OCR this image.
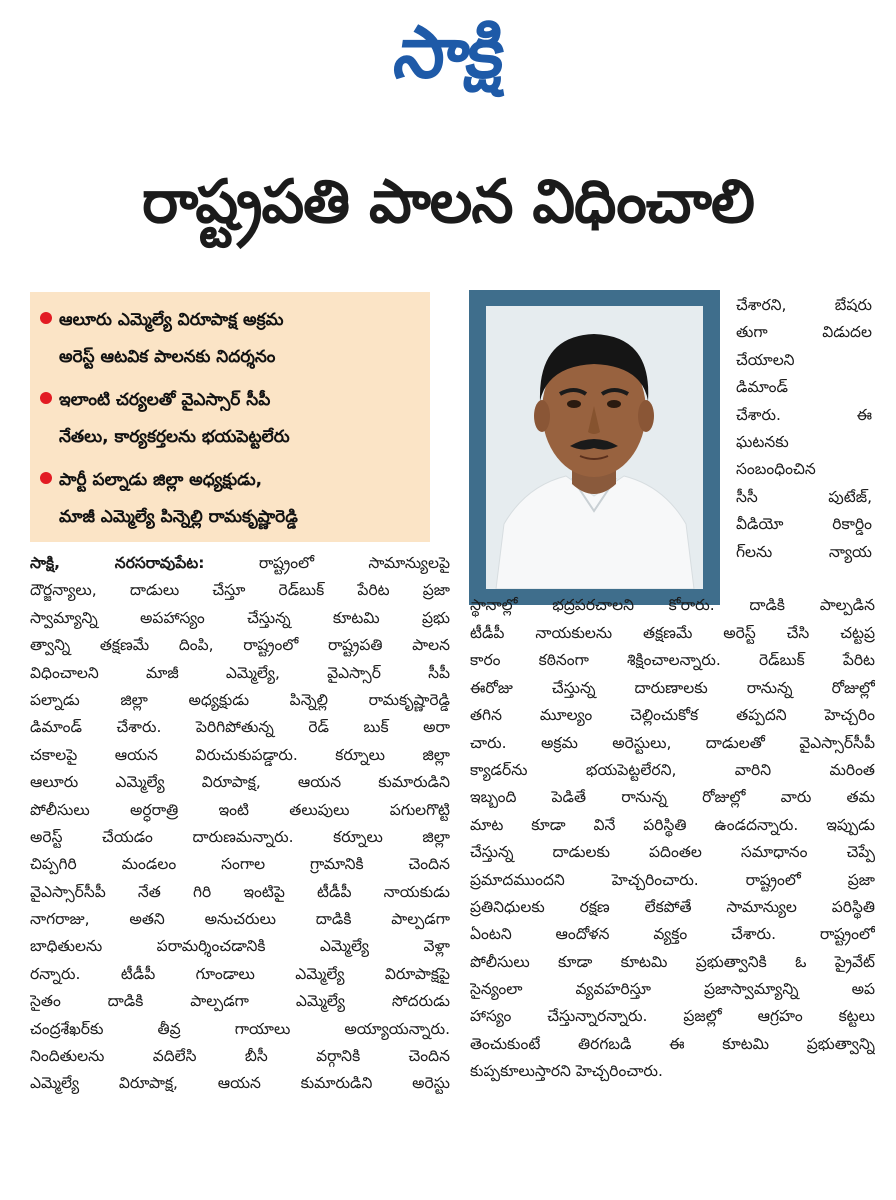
సాక్షి
రాష్ట్రపతి పాలన విధించాలి
ఆలూరు ఎమ్మెల్యే విరూపాక్ష అక్రమ
అరెస్ట్ ఆటవిక పాలనకు నిదర్శనం
ఇలాంటి చర్యలతో వైఎస్సార్ సీపీ
నేతలు, కార్యకర్తలను భయపెట్టలేరు
పార్టీ పల్నాడు జిల్లా అధ్యక్షుడు,
మాజీ ఎమ్మెల్యే పిన్నెల్లి రామకృష్ణారెడ్డి
చేశారని, బేషరు
తుగా విడుదల
చేయాలని
డిమాండ్
చేశారు. ఈ
ఘటనకు
సంబంధించిన
సీసీ పుటేజ్,
వీడియో రికార్డిం
గ్‌లను న్యాయ
స్థానాల్లో భద్రపరచాలని కోరారు. దాడికి పాల్పడిన
సాక్షి, నరసరావుపేట:	రాష్ట్రంలో సామాన్యులపై
దౌర్జన్యాలు, దాడులు చేస్తూ రెడ్‌బుక్ పేరిట ప్రజా
స్వామ్యాన్ని అపహాస్యం చేస్తున్న కూటమి ప్రభు
త్వాన్ని తక్షణమే దింపి, రాష్ట్రంలో రాష్ట్రపతి పాలన
విధించాలని మాజీ ఎమ్మెల్యే, వైఎస్సార్ సీపీ
పల్నాడు జిల్లా అధ్యక్షుడు పిన్నెల్లి రామకృష్ణారెడ్డి
డిమాండ్ చేశారు. పెరిగిపోతున్న రెడ్ బుక్ అరా
చకాలపై ఆయన విరుచుకుపడ్డారు. కర్నూలు జిల్లా
ఆలూరు ఎమ్మెల్యే విరూపాక్ష, ఆయన కుమారుడిని
పోలీసులు అర్ధరాత్రి ఇంటి తలుపులు పగులగొట్టి
అరెస్ట్ చేయడం దారుణమన్నారు. కర్నూలు జిల్లా
చిప్పగిరి మండలం సంగాల గ్రామానికి చెందిన
వైఎస్సార్‌సీపీ నేత గిరి ఇంటిపై టీడీపీ నాయకుడు
నాగరాజు, అతని అనుచరులు దాడికి పాల్పడగా
బాధితులను పరామర్శించడానికి ఎమ్మెల్యే వెళ్లా
రన్నారు. టీడీపీ గూండాలు ఎమ్మెల్యే విరూపాక్షపై
సైతం దాడికి పాల్పడగా ఎమ్మెల్యే సోదరుడు
చంద్రశేఖర్‌కు తీవ్ర గాయాలు అయ్యాయన్నారు.
నిందితులను వదిలేసి బీసీ వర్గానికి చెందిన
ఎమ్మెల్యే విరూపాక్ష, ఆయన కుమారుడిని అరెస్టు
టీడీపీ నాయకులను తక్షణమే అరెస్ట్ చేసి చట్టప్ర
కారం కఠినంగా శిక్షించాలన్నారు. రెడ్‌బుక్ పేరిట
ఈరోజు చేస్తున్న దారుణాలకు రానున్న రోజుల్లో
తగిన మూల్యం చెల్లించుకోక తప్పదని హెచ్చరిం
చారు. అక్రమ అరెస్టులు, దాడులతో వైఎస్సార్‌సీపీ
క్యాడర్‌ను భయపెట్టలేరని, వారిని మరింత
ఇబ్బంది పెడితే రానున్న రోజుల్లో వారు తమ
మాట కూడా వినే పరిస్థితి ఉండదన్నారు. ఇప్పుడు
చేస్తున్న దాడులకు పదింతల సమాధానం చెప్పే
ప్రమాదముందని హెచ్చరించారు. రాష్ట్రంలో ప్రజా
ప్రతినిధులకు రక్షణ లేకపోతే సామాన్యుల పరిస్థితి
ఏంటని ఆందోళన వ్యక్తం చేశారు. రాష్ట్రంలో
పోలీసులు కూడా కూటమి ప్రభుత్వానికి ఓ ప్రైవేట్
సైన్యంలా వ్యవహరిస్తూ ప్రజాస్వామ్యాన్ని అప
హాస్యం చేస్తున్నారన్నారు. ప్రజల్లో ఆగ్రహం కట్టలు
తెంచుకుంటే తిరగబడి ఈ కూటమి ప్రభుత్వాన్ని
కుప్పకూలుస్తారని హెచ్చరించారు.
